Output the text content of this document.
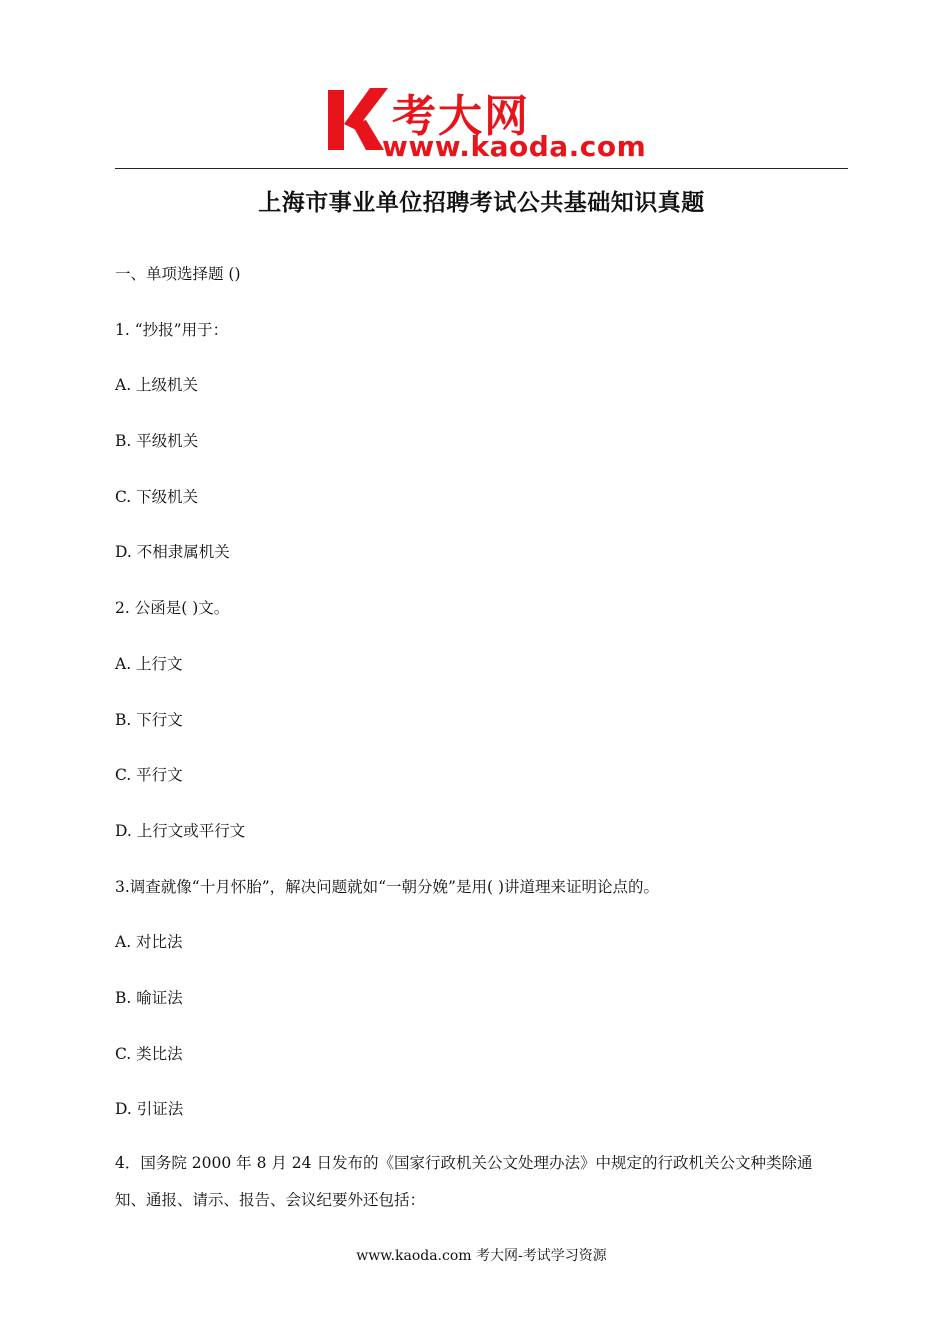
考大网
www.kaoda.com
上海市事业单位招聘考试公共基础知识真题
一、单项选择题 ()
1. “抄报”用于：
A. 上级机关
B. 平级机关
C. 下级机关
D. 不相隶属机关
2. 公函是( )文。
A. 上行文
B. 下行文
C. 平行文
D. 上行文或平行文
3.调查就像“十月怀胎”，解决问题就如“一朝分娩”是用( )讲道理来证明论点的。
A. 对比法
B. 喻证法
C. 类比法
D. 引证法
4．国务院 2000 年 8 月 24 日发布的《国家行政机关公文处理办法》中规定的行政机关公文种类除通知、通报、请示、报告、会议纪要外还包括：
www.kaoda.com 考大网-考试学习资源
